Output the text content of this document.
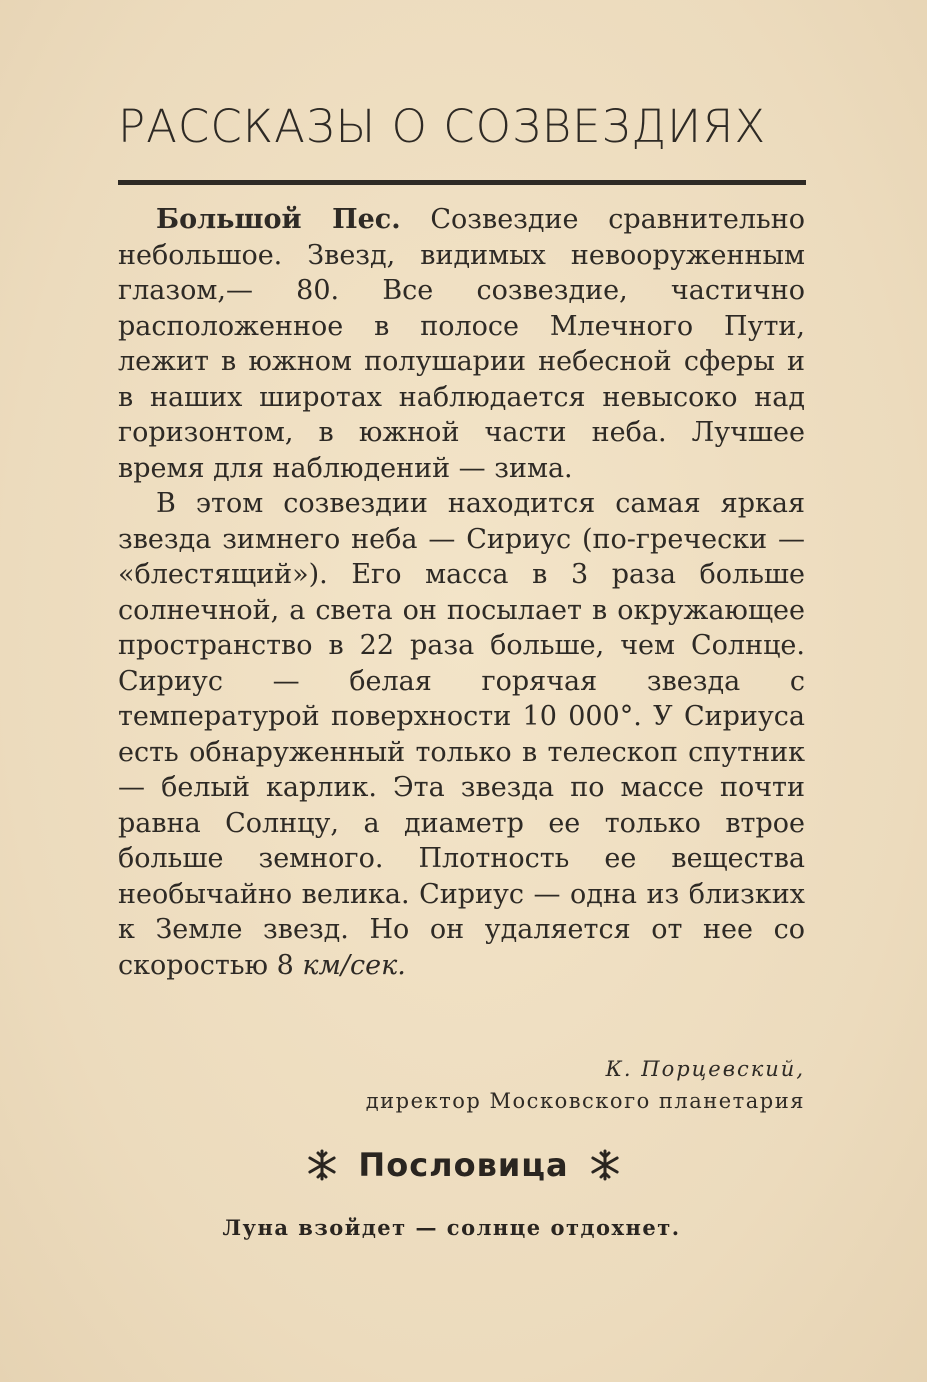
РАССКАЗЫ О СОЗВЕЗДИЯХ

Большой Пес. Созвездие сравнительно небольшое. Звезд, видимых невооруженным глазом,— 80. Все созвездие, частично расположенное в полосе Млечного Пути, лежит в южном полушарии небесной сферы и в наших широтах наблюдается невысоко над горизонтом, в южной части неба. Лучшее время для наблюдений — зима.

В этом созвездии находится самая яркая звезда зимнего неба — Сириус (по-гречески — «блестящий»). Его масса в 3 раза больше солнечной, а света он посылает в окружающее пространство в 22 раза больше, чем Солнце. Сириус — белая горячая звезда с температурой поверхности 10 000°. У Сириуса есть обнаруженный только в телескоп спутник — белый карлик. Эта звезда по массе почти равна Солнцу, а диаметр ее только втрое больше земного. Плотность ее вещества необычайно велика. Сириус — одна из близких к Земле звезд. Но он удаляется от нее со скоростью 8 км/сек.

К. Порцевский,
директор Московского планетария
Пословица
Луна взойдет — солнце отдохнет.
